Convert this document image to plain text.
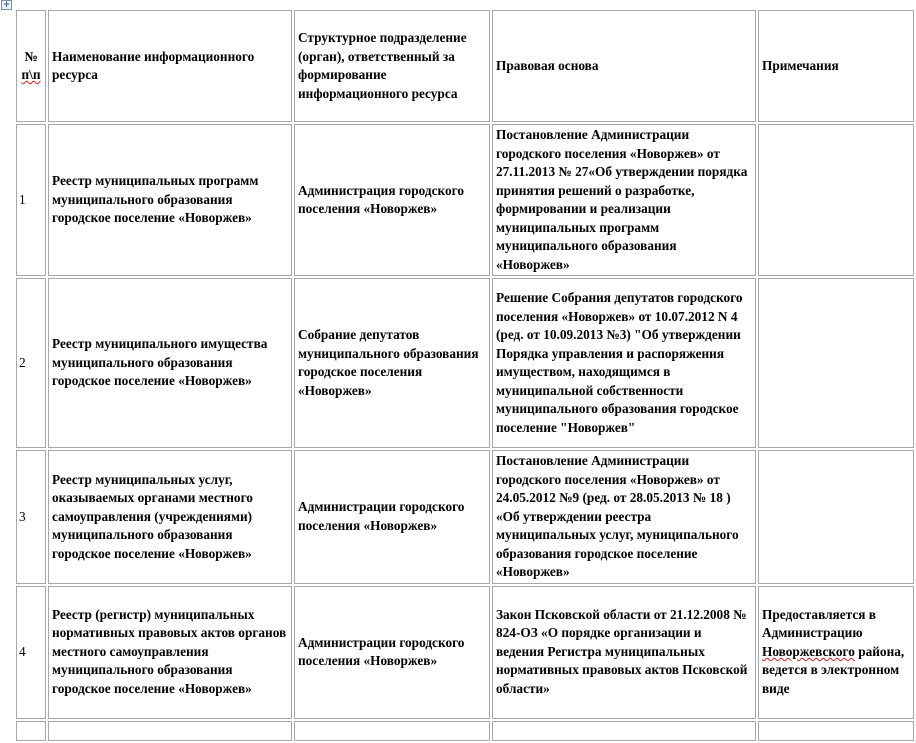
+
№
п\п	Наименование информационного ресурса	Структурное подразделение (орган), ответственный за формирование информационного ресурса	Правовая основа	Примечания
1	Реестр муниципальных программ муниципального образования городское поселение «Новоржев»	Администрация городского поселения «Новоржев»	Постановление Администрации городского поселения «Новоржев» от 27.11.2013 № 27«Об утверждении порядка принятия решений о разработке, формировании и реализации муниципальных программ муниципального образования «Новоржев»	
2	Реестр муниципального имущества муниципального образования городское поселение «Новоржев»	Собрание депутатов муниципального образования городское поселения «Новоржев»	Решение Собрания депутатов городского поселения «Новоржев» от 10.07.2012 N 4 (ред. от 10.09.2013 №3) "Об утверждении Порядка управления и распоряжения имуществом, находящимся в муниципальной собственности муниципального образования городское поселение "Новоржев"	
3	Реестр муниципальных услуг, оказываемых органами местного самоуправления (учреждениями) муниципального образования городское поселение «Новоржев»	Администрации городского поселения «Новоржев»	Постановление Администрации городского поселения «Новоржев» от 24.05.2012 №9 (ред. от 28.05.2013 № 18 ) «Об утверждении реестра муниципальных услуг, муниципального образования городское поселение «Новоржев»	
4	Реестр (регистр) муниципальных нормативных правовых актов органов местного самоуправления муниципального образования городское поселение «Новоржев»	Администрации городского поселения «Новоржев»	Закон Псковской области от 21.12.2008 № 824-ОЗ «О порядке организации и ведения Регистра муниципальных нормативных правовых актов Псковской области»	Предоставляется в Администрацию Новоржевского района, ведется в электронном виде
